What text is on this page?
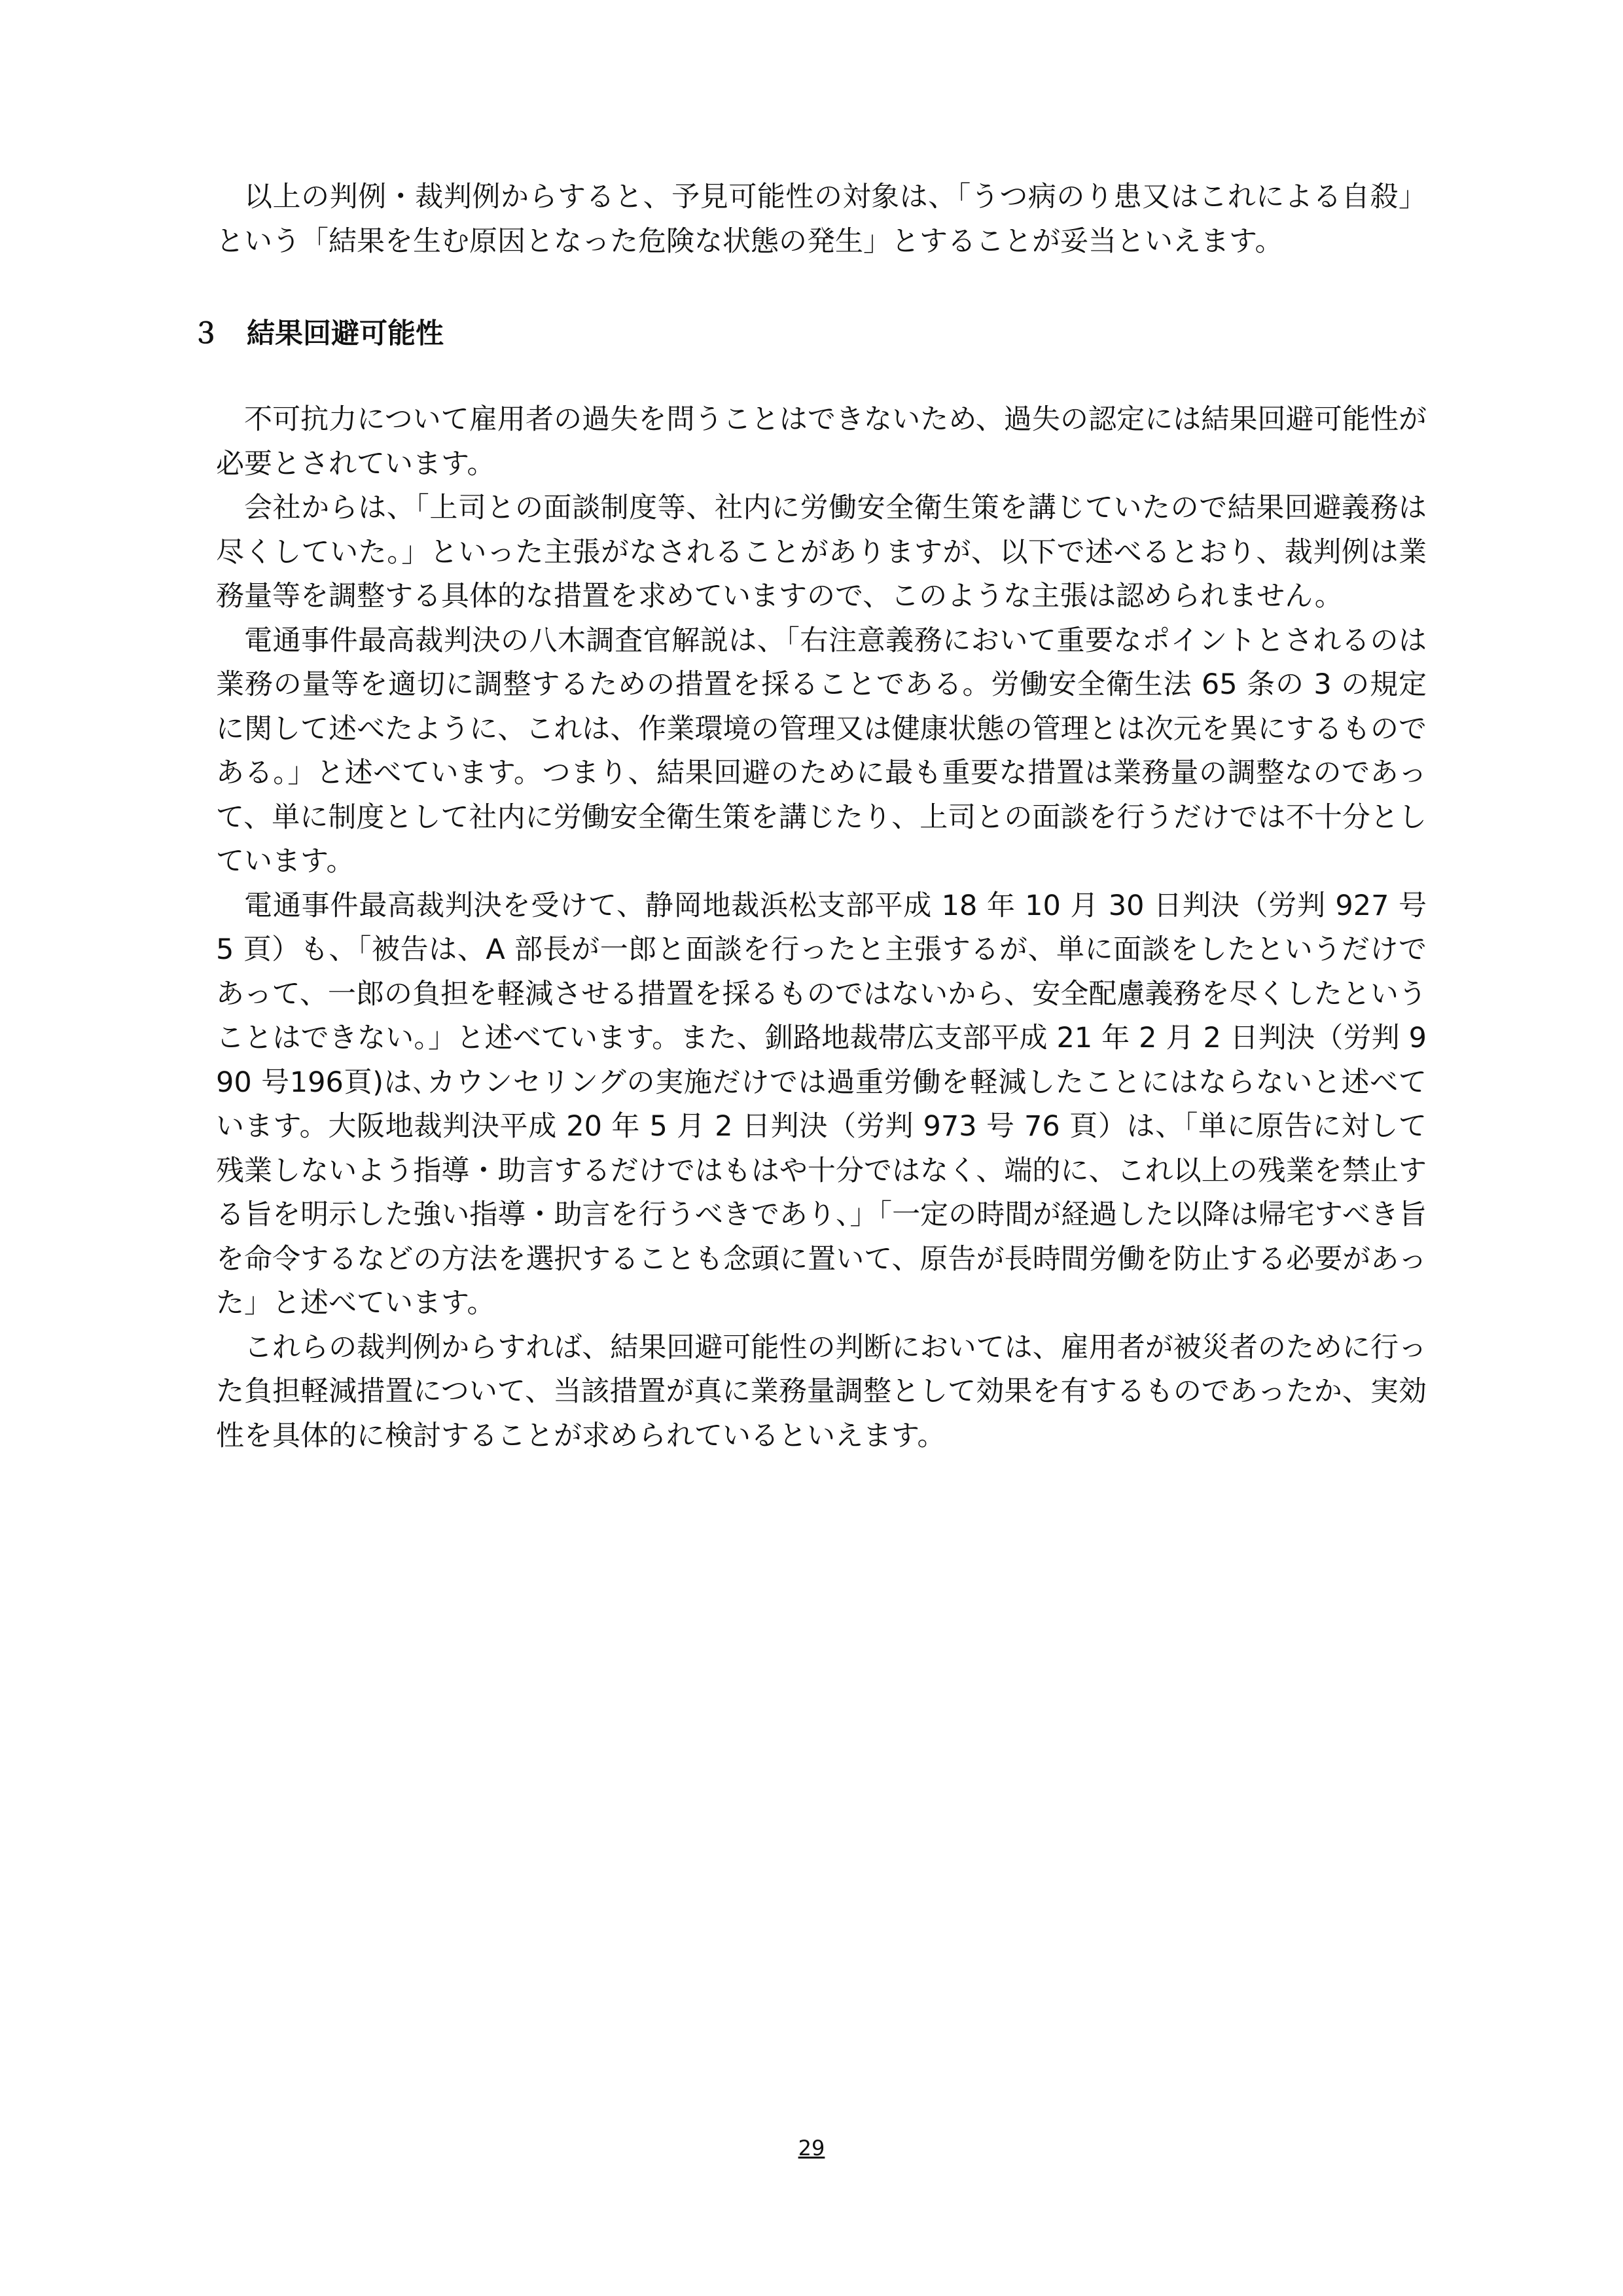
以上の判例・裁判例からすると、予見可能性の対象は、「うつ病のり患又はこれによる自殺」という「結果を生む原因となった危険な状態の発生」とすることが妥当といえます。

３ 結果回避可能性

不可抗力について雇用者の過失を問うことはできないため、過失の認定には結果回避可能性が必要とされています。

会社からは、「上司との面談制度等、社内に労働安全衛生策を講じていたので結果回避義務は尽くしていた。」といった主張がなされることがありますが、以下で述べるとおり、裁判例は業務量等を調整する具体的な措置を求めていますので、このような主張は認められません。

電通事件最高裁判決の八木調査官解説は、「右注意義務において重要なポイントとされるのは業務の量等を適切に調整するための措置を採ることである。労働安全衛生法 65 条の 3 の規定に関して述べたように、これは、作業環境の管理又は健康状態の管理とは次元を異にするものである。」と述べています。つまり、結果回避のために最も重要な措置は業務量の調整なのであって、単に制度として社内に労働安全衛生策を講じたり、上司との面談を行うだけでは不十分としています。

電通事件最高裁判決を受けて、静岡地裁浜松支部平成 18 年 10 月 30 日判決（労判 927 号 5 頁）も、「被告は、A 部長が一郎と面談を行ったと主張するが、単に面談をしたというだけであって、一郎の負担を軽減させる措置を採るものではないから、安全配慮義務を尽くしたということはできない。」と述べています。また、釧路地裁帯広支部平成 21 年 2 月 2 日判決（労判 990 号196頁)は､カウンセリングの実施だけでは過重労働を軽減したことにはならないと述べています。大阪地裁判決平成 20 年 5 月 2 日判決（労判 973 号 76 頁）は、「単に原告に対して残業しないよう指導・助言するだけではもはや十分ではなく、端的に、これ以上の残業を禁止する旨を明示した強い指導・助言を行うべきであり、」「一定の時間が経過した以降は帰宅すべき旨を命令するなどの方法を選択することも念頭に置いて、原告が長時間労働を防止する必要があった」と述べています。

これらの裁判例からすれば、結果回避可能性の判断においては、雇用者が被災者のために行った負担軽減措置について、当該措置が真に業務量調整として効果を有するものであったか、実効性を具体的に検討することが求められているといえます。

29
